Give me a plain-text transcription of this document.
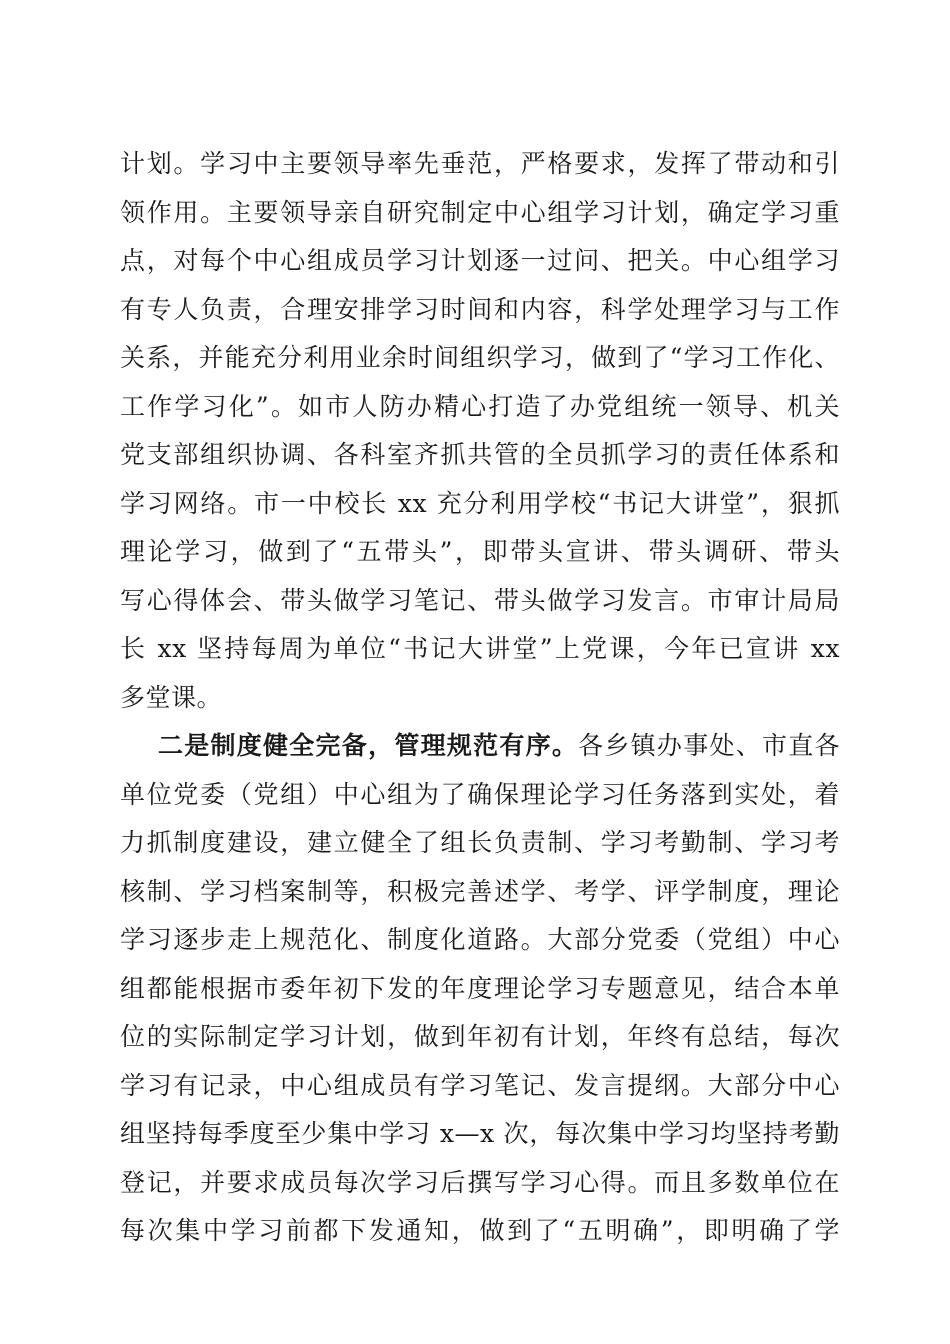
计划。学习中主要领导率先垂范，严格要求，发挥了带动和引
领作用。主要领导亲自研究制定中心组学习计划，确定学习重
点，对每个中心组成员学习计划逐一过问、把关。中心组学习
有专人负责，合理安排学习时间和内容，科学处理学习与工作
关系，并能充分利用业余时间组织学习，做到了“学习工作化、
工作学习化”。如市人防办精心打造了办党组统一领导、机关
党支部组织协调、各科室齐抓共管的全员抓学习的责任体系和
学习网络。市一中校长 xx 充分利用学校“书记大讲堂”，狠抓
理论学习，做到了“五带头”，即带头宣讲、带头调研、带头
写心得体会、带头做学习笔记、带头做学习发言。市审计局局
长 xx 坚持每周为单位“书记大讲堂”上党课，今年已宣讲 xx
多堂课。
二是制度健全完备，管理规范有序。各乡镇办事处、市直各
单位党委（党组）中心组为了确保理论学习任务落到实处，着
力抓制度建设，建立健全了组长负责制、学习考勤制、学习考
核制、学习档案制等，积极完善述学、考学、评学制度，理论
学习逐步走上规范化、制度化道路。大部分党委（党组）中心
组都能根据市委年初下发的年度理论学习专题意见，结合本单
位的实际制定学习计划，做到年初有计划，年终有总结，每次
学习有记录，中心组成员有学习笔记、发言提纲。大部分中心
组坚持每季度至少集中学习 x—x 次，每次集中学习均坚持考勤
登记，并要求成员每次学习后撰写学习心得。而且多数单位在
每次集中学习前都下发通知，做到了“五明确”，即明确了学
